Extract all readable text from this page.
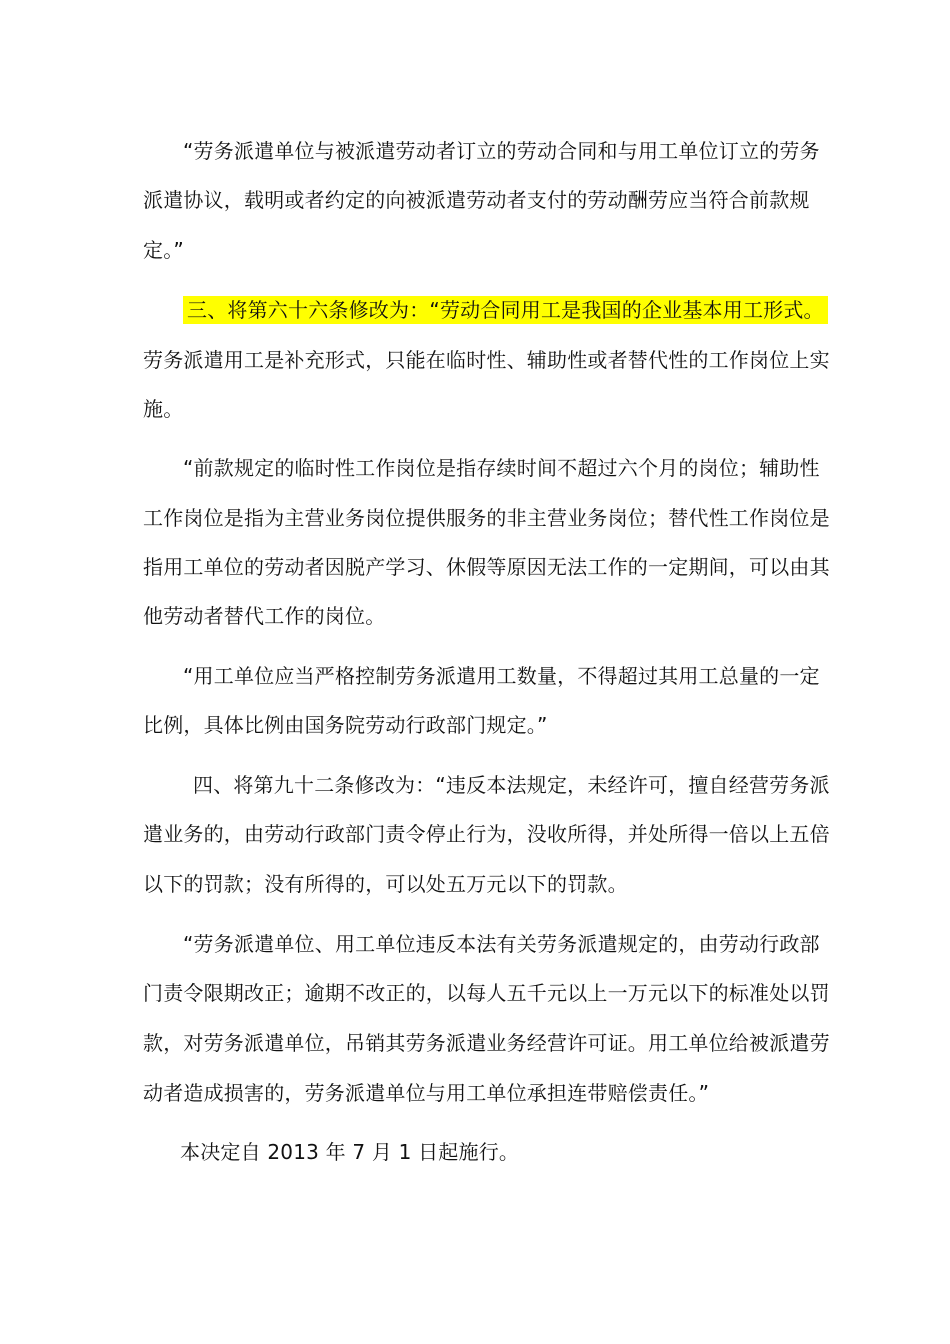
“劳务派遣单位与被派遣劳动者订立的劳动合同和与用工单位订立的劳务
派遣协议，载明或者约定的向被派遣劳动者支付的劳动酬劳应当符合前款规
定。”
三、将第六十六条修改为：“劳动合同用工是我国的企业基本用工形式。
劳务派遣用工是补充形式，只能在临时性、辅助性或者替代性的工作岗位上实
施。
“前款规定的临时性工作岗位是指存续时间不超过六个月的岗位；辅助性
工作岗位是指为主营业务岗位提供服务的非主营业务岗位；替代性工作岗位是
指用工单位的劳动者因脱产学习、休假等原因无法工作的一定期间，可以由其
他劳动者替代工作的岗位。
“用工单位应当严格控制劳务派遣用工数量，不得超过其用工总量的一定
比例，具体比例由国务院劳动行政部门规定。”
四、将第九十二条修改为：“违反本法规定，未经许可，擅自经营劳务派
遣业务的，由劳动行政部门责令停止行为，没收所得，并处所得一倍以上五倍
以下的罚款；没有所得的，可以处五万元以下的罚款。
“劳务派遣单位、用工单位违反本法有关劳务派遣规定的，由劳动行政部
门责令限期改正；逾期不改正的，以每人五千元以上一万元以下的标准处以罚
款，对劳务派遣单位，吊销其劳务派遣业务经营许可证。用工单位给被派遣劳
动者造成损害的，劳务派遣单位与用工单位承担连带赔偿责任。”
本决定自 2013 年 7 月 1 日起施行。
